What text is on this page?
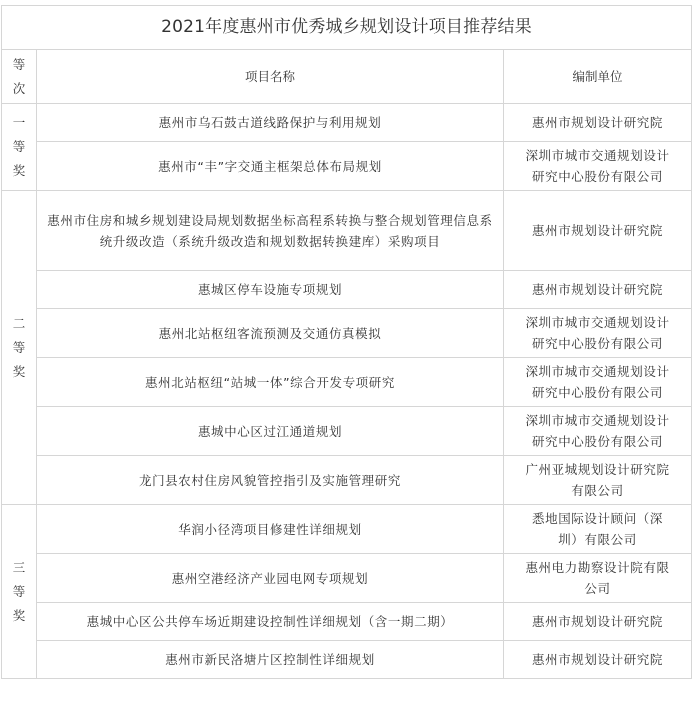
2021年度惠州市优秀城乡规划设计项目推荐结果		

等
次	项目名称	编制单位

一
等
奖	惠州市乌石鼓古道线路保护与利用规划	惠州市规划设计研究院
	惠州市“丰”字交通主框架总体布局规划	深圳市城市交通规划设计
研究中心股份有限公司

二
等
奖	惠州市住房和城乡规划建设局规划数据坐标高程系转换与整合规划管理信息系统升级改造（系统升级改造和规划数据转换建库）采购项目	惠州市规划设计研究院
	惠城区停车设施专项规划	惠州市规划设计研究院
	惠州北站枢纽客流预测及交通仿真模拟	深圳市城市交通规划设计
研究中心股份有限公司
	惠州北站枢纽“站城一体”综合开发专项研究	深圳市城市交通规划设计
研究中心股份有限公司
	惠城中心区过江通道规划	深圳市城市交通规划设计
研究中心股份有限公司
	龙门县农村住房风貌管控指引及实施管理研究	广州亚城规划设计研究院
有限公司

三
等
奖	华润小径湾项目修建性详细规划	悉地国际设计顾问（深
圳）有限公司
	惠州空港经济产业园电网专项规划	惠州电力勘察设计院有限
公司
	惠城中心区公共停车场近期建设控制性详细规划（含一期二期）	惠州市规划设计研究院
	惠州市新民洛塘片区控制性详细规划	惠州市规划设计研究院
